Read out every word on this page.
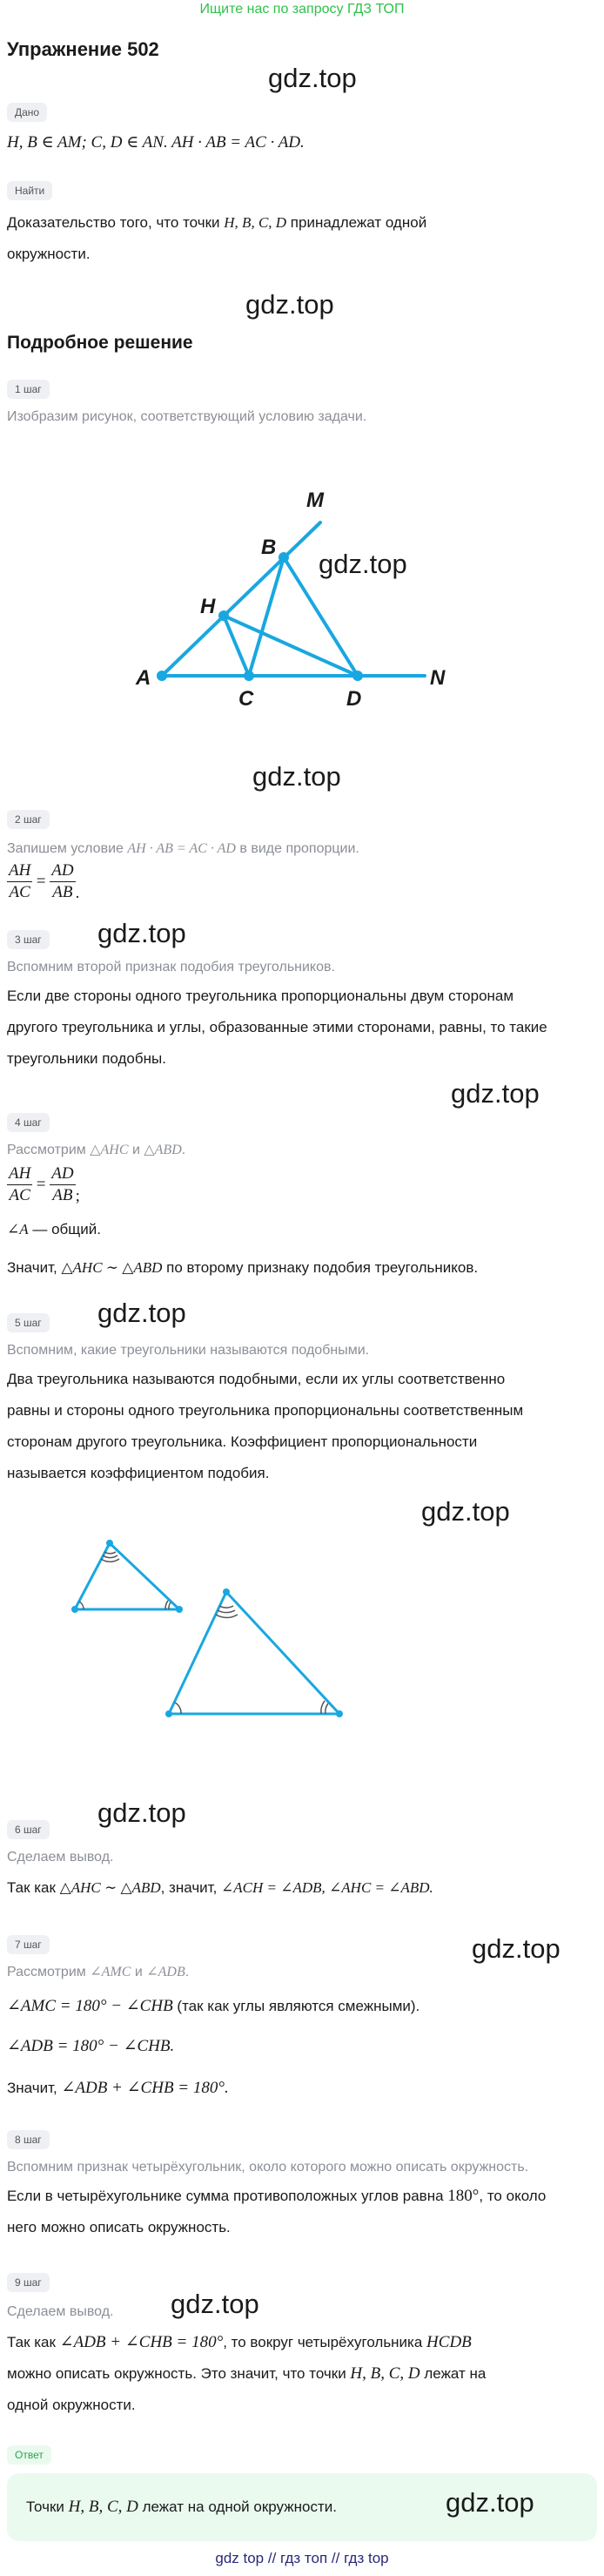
Ищите нас по запросу ГДЗ ТОП
Упражнение 502
gdz.top
Дано
H, B ∈ AM; C, D ∈ AN. AH · AB = AC · AD.
Найти
Доказательство того, что точки H, B, C, D принадлежат одной
окружности.
gdz.top
Подробное решение
1 шаг
Изобразим рисунок, соответствующий условию задачи.
A
B
C	D
H
M
N
gdz.top
gdz.top
2 шаг
Запишем условие AH · AB = AC · AD в виде пропорции.
$\frac{AH}{AC} = \frac{AD}{AB}$ .
3 шаг gdz.top
Вспомним второй признак подобия треугольников.
Если две стороны одного треугольника пропорциональны двум сторонам
другого треугольника и углы, образованные этими сторонами, равны, то такие
треугольники подобны.
gdz.top
4 шаг
Рассмотрим △AHC и △ABD.
$\frac{AH}{AC} = \frac{AD}{AB}$ ;
∠A — общий.
Значит, △AHC ∼ △ABD по второму признаку подобия треугольников.
gdz.top
5 шаг
Вспомним, какие треугольники называются подобными.
Два треугольника называются подобными, если их углы соответственно
равны и стороны одного треугольника пропорциональны соответственным
сторонам другого треугольника. Коэффициент пропорциональности
называется коэффициентом подобия.
gdz.top
gdz.top
6 шаг
Сделаем вывод.
Так как △AHC ∼ △ABD, значит, ∠ACH = ∠ADB, ∠AHC = ∠ABD.
7 шаг	gdz.top
Рассмотрим ∠AMC и ∠ADB.
∠AMC = 180° − ∠CHB (так как углы являются смежными).
∠ADB = 180° − ∠CHB.
Значит, ∠ADB + ∠CHB = 180°.
8 шаг
Вспомним признак четырёхугольник, около которого можно описать окружность.
Если в четырёхугольнике сумма противоположных углов равна 180°, то около
него можно описать окружность.
9 шаг
gdz.top
Сделаем вывод.
Так как ∠ADB + ∠CHB = 180°, то вокруг четырёхугольника HCDB
можно описать окружность. Это значит, что точки H, B, C, D лежат на
одной окружности.
Ответ
Точки H, B, C, D лежат на одной окружности.	gdz.top
gdz top // гдз топ // гдз top
